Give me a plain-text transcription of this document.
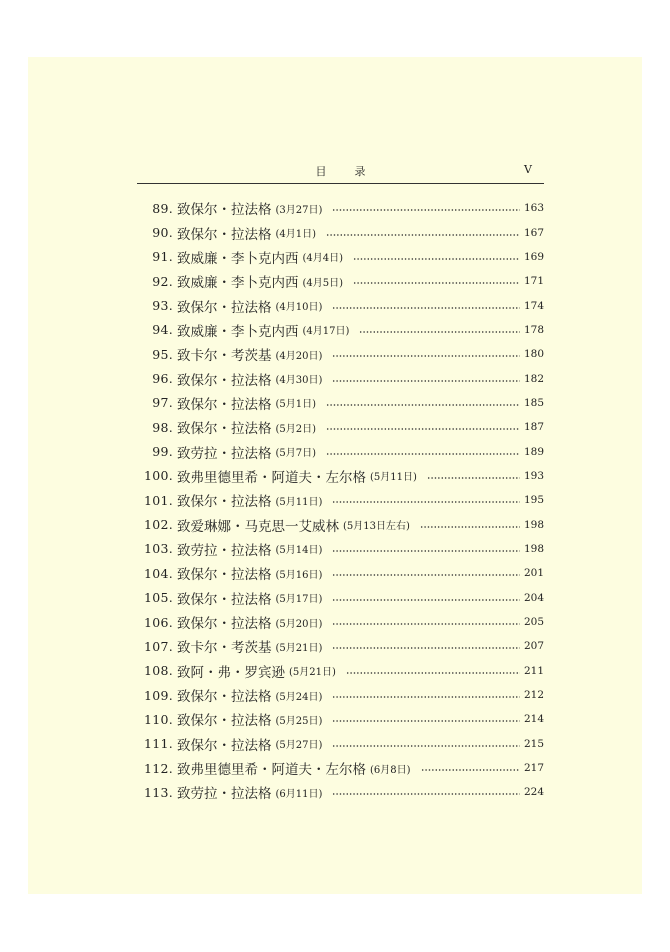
目录	V
89. 致保尔・拉法格 (3月27日)	163
90. 致保尔・拉法格 (4月1日)	167
91. 致威廉・李卜克内西 (4月4日)	169
92. 致威廉・李卜克内西 (4月5日)	171
93. 致保尔・拉法格 (4月10日)	174
94. 致威廉・李卜克内西 (4月17日)	178
95. 致卡尔・考茨基 (4月20日)	180
96. 致保尔・拉法格 (4月30日)	182
97. 致保尔・拉法格 (5月1日)	185
98. 致保尔・拉法格 (5月2日)	187
99. 致劳拉・拉法格 (5月7日)	189
100. 致弗里德里希・阿道夫・左尔格 (5月11日)	193
101. 致保尔・拉法格 (5月11日)	195
102. 致爱琳娜・马克思一艾威林 (5月13日左右)	198
103. 致劳拉・拉法格 (5月14日)	198
104. 致保尔・拉法格 (5月16日)	201
105. 致保尔・拉法格 (5月17日)	204
106. 致保尔・拉法格 (5月20日)	205
107. 致卡尔・考茨基 (5月21日)	207
108. 致阿・弗・罗宾逊 (5月21日)	211
109. 致保尔・拉法格 (5月24日)	212
110. 致保尔・拉法格 (5月25日)	214
111. 致保尔・拉法格 (5月27日)	215
112. 致弗里德里希・阿道夫・左尔格 (6月8日)	217
113. 致劳拉・拉法格 (6月11日)	224
